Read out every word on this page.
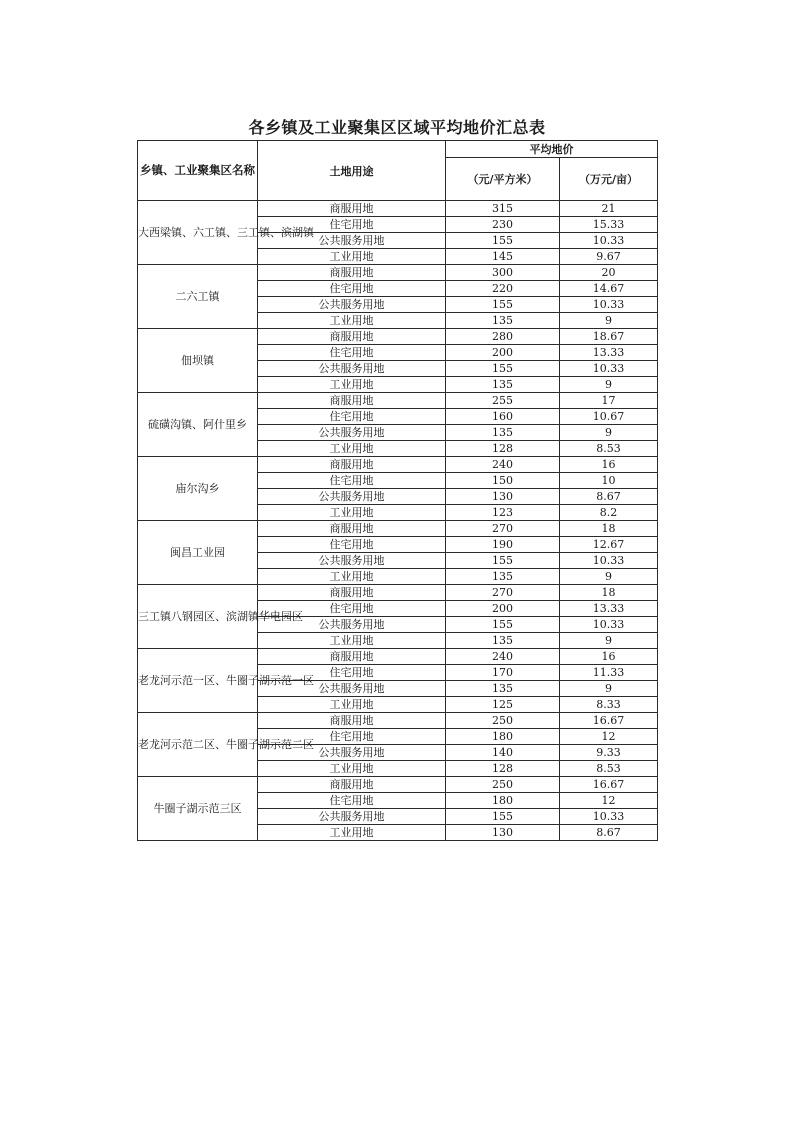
各乡镇及工业聚集区区域平均地价汇总表
乡镇、工业聚集区名称	土地用途	平均地价	
		（元/平方米）	（万元/亩）
大西梁镇、六工镇、三工镇、滨湖镇	商服用地	315	21
	住宅用地	230	15.33
	公共服务用地	155	10.33
	工业用地	145	9.67
二六工镇	商服用地	300	20
	住宅用地	220	14.67
	公共服务用地	155	10.33
	工业用地	135	9
佃坝镇	商服用地	280	18.67
	住宅用地	200	13.33
	公共服务用地	155	10.33
	工业用地	135	9
硫磺沟镇、阿什里乡	商服用地	255	17
	住宅用地	160	10.67
	公共服务用地	135	9
	工业用地	128	8.53
庙尔沟乡	商服用地	240	16
	住宅用地	150	10
	公共服务用地	130	8.67
	工业用地	123	8.2
闽昌工业园	商服用地	270	18
	住宅用地	190	12.67
	公共服务用地	155	10.33
	工业用地	135	9
三工镇八钢园区、滨湖镇华电园区	商服用地	270	18
	住宅用地	200	13.33
	公共服务用地	155	10.33
	工业用地	135	9
老龙河示范一区、牛圈子湖示范一区	商服用地	240	16
	住宅用地	170	11.33
	公共服务用地	135	9
	工业用地	125	8.33
老龙河示范二区、牛圈子湖示范二区	商服用地	250	16.67
	住宅用地	180	12
	公共服务用地	140	9.33
	工业用地	128	8.53
牛圈子湖示范三区	商服用地	250	16.67
	住宅用地	180	12
	公共服务用地	155	10.33
	工业用地	130	8.67
